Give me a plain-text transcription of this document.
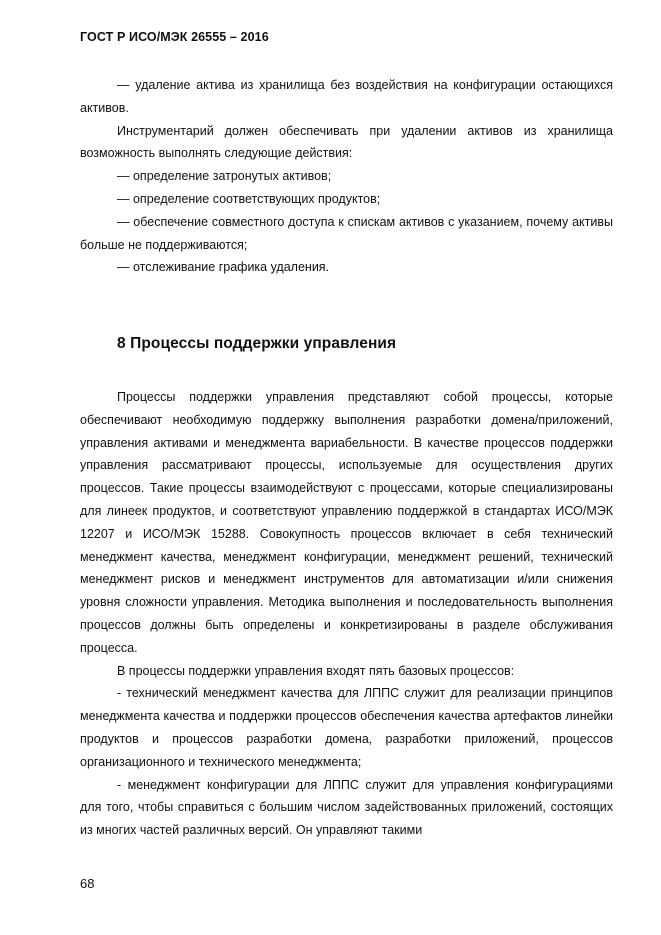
ГОСТ Р ИСО/МЭК 26555 – 2016

— удаление актива из хранилища без воздействия на конфигурации остающихся активов.

Инструментарий должен обеспечивать при удалении активов из хранилища возможность выполнять следующие действия:

— определение затронутых активов;

— определение соответствующих продуктов;

— обеспечение совместного доступа к спискам активов с указанием, почему активы больше не поддерживаются;

— отслеживание графика удаления.

8 Процессы поддержки управления

Процессы поддержки управления представляют собой процессы, которые обеспечивают необходимую поддержку выполнения разработки домена/приложений, управления активами и менеджмента вариабельности. В качестве процессов поддержки управления рассматривают процессы, используемые для осуществления других процессов. Такие процессы взаимодействуют с процессами, которые специализированы для линеек продуктов, и соответствуют управлению поддержкой в стандартах ИСО/МЭК 12207 и ИСО/МЭК 15288. Совокупность процессов включает в себя технический менеджмент качества, менеджмент конфигурации, менеджмент решений, технический менеджмент рисков и менеджмент инструментов для автоматизации и/или снижения уровня сложности управления. Методика выполнения и последовательность выполнения процессов должны быть определены и конкретизированы в разделе обслуживания процесса.

В процессы поддержки управления входят пять базовых процессов:

- технический менеджмент качества для ЛППС служит для реализации принципов менеджмента качества и поддержки процессов обеспечения качества артефактов линейки продуктов и процессов разработки домена, разработки приложений, процессов организационного и технического менеджмента;

- менеджмент конфигурации для ЛППС служит для управления конфигурациями для того, чтобы справиться с большим числом задействованных приложений, состоящих из многих частей различных версий. Он управляют такими

68
